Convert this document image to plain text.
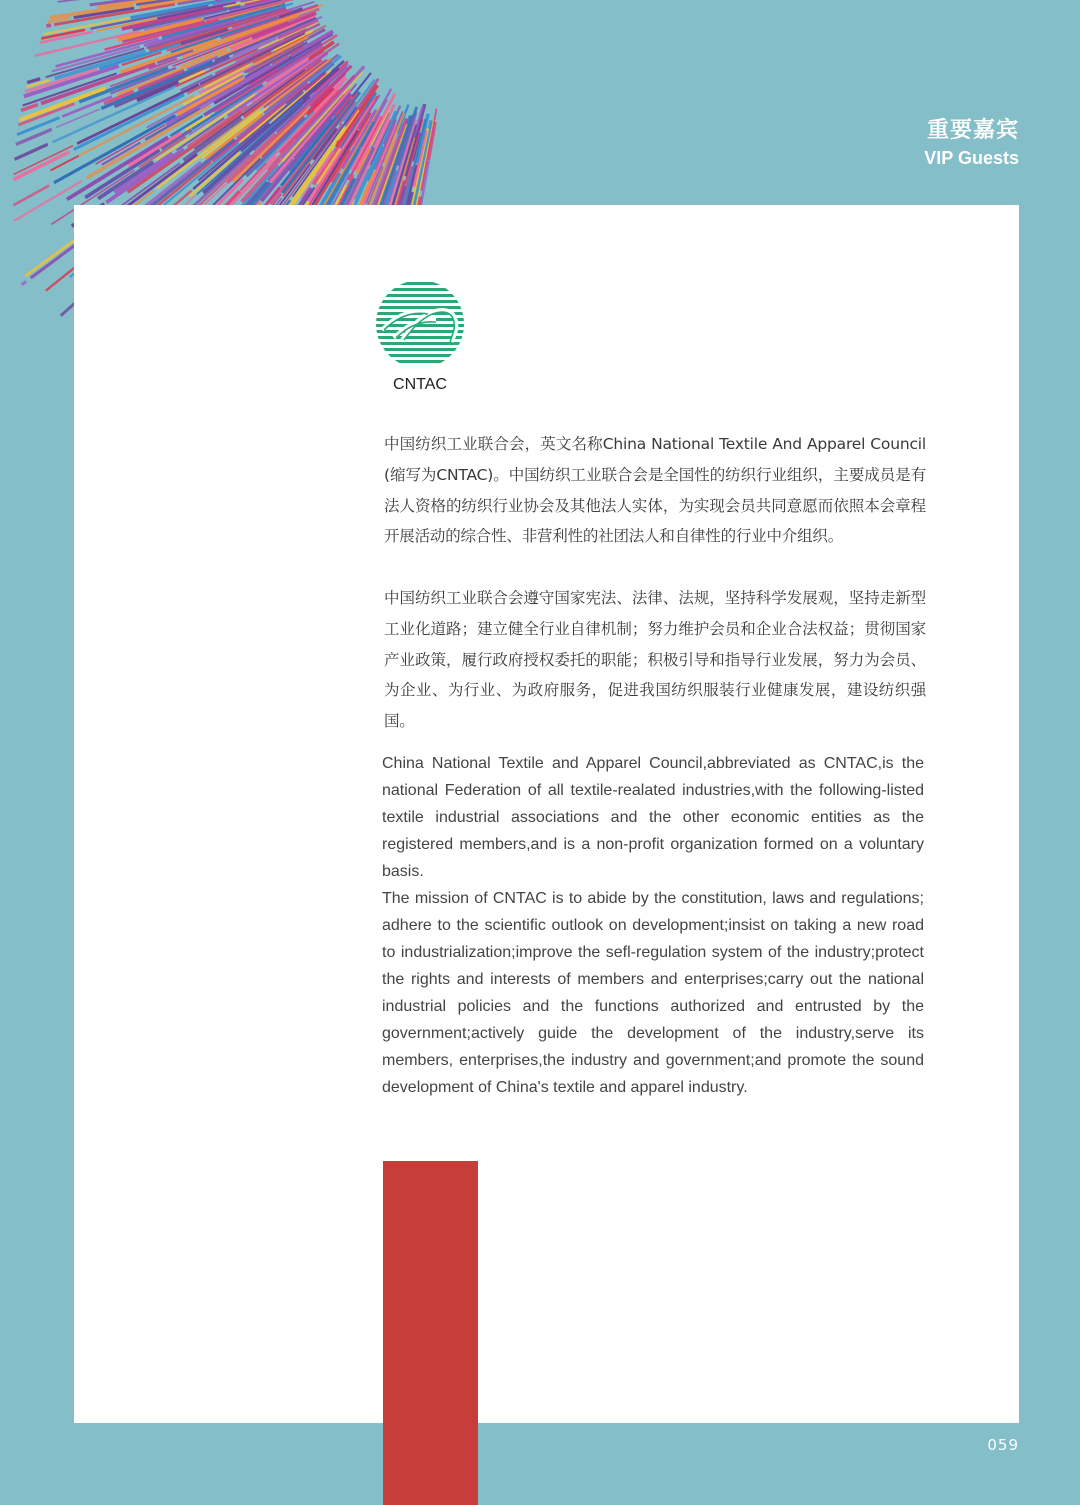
重要嘉宾
VIP Guests
CNTAC

中国纺织工业联合会，英文名称China National Textile And Apparel Council (缩写为CNTAC)。中国纺织工业联合会是全国性的纺织行业组织，主要成员是有法人资格的纺织行业协会及其他法人实体，为实现会员共同意愿而依照本会章程开展活动的综合性、非营利性的社团法人和自律性的行业中介组织。

中国纺织工业联合会遵守国家宪法、法律、法规，坚持科学发展观，坚持走新型工业化道路；建立健全行业自律机制；努力维护会员和企业合法权益；贯彻国家产业政策，履行政府授权委托的职能；积极引导和指导行业发展，努力为会员、为企业、为行业、为政府服务，促进我国纺织服装行业健康发展，建设纺织强国。

China National Textile and Apparel Council,abbreviated as CNTAC,is the national Federation of all textile-realated industries,with the following-listed textile industrial associations and the other economic entities as the registered members,and is a non-profit organization formed on a voluntary basis.

The mission of CNTAC is to abide by the constitution, laws and regulations; adhere to the scientific outlook on development;insist on taking a new road to industrialization;improve the sefl-regulation system of the industry;protect the rights and interests of members and enterprises;carry out the national industrial policies and the functions authorized and entrusted by the government;actively guide the development of the industry,serve its members, enterprises,the industry and government;and promote the sound development of China's textile and apparel industry.

059
